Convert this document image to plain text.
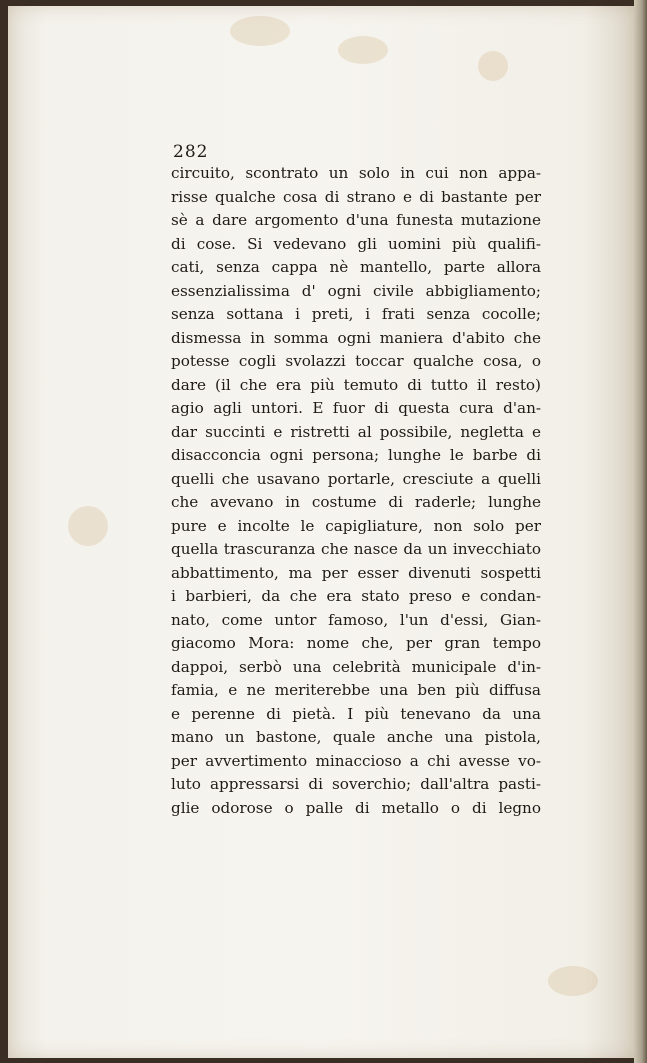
282
circuito, scontrato un solo in cui non appa-
risse qualche cosa di strano e di bastante per
sè a dare argomento d'una funesta mutazione
di cose. Si vedevano gli uomini più qualifi-
cati, senza cappa nè mantello, parte allora
essenzialissima d' ogni civile abbigliamento;
senza sottana i preti, i frati senza cocolle;
dismessa in somma ogni maniera d'abito che
potesse cogli svolazzi toccar qualche cosa, o
dare (il che era più temuto di tutto il resto)
agio agli untori. E fuor di questa cura d'an-
dar succinti e ristretti al possibile, negletta e
disacconcia ogni persona; lunghe le barbe di
quelli che usavano portarle, cresciute a quelli
che avevano in costume di raderle; lunghe
pure e incolte le capigliature, non solo per
quella trascuranza che nasce da un invecchiato
abbattimento, ma per esser divenuti sospetti
i barbieri, da che era stato preso e condan-
nato, come untor famoso, l'un d'essi, Gian-
giacomo Mora: nome che, per gran tempo
dappoi, serbò una celebrità municipale d'in-
famia, e ne meriterebbe una ben più diffusa
e perenne di pietà. I più tenevano da una
mano un bastone, quale anche una pistola,
per avvertimento minaccioso a chi avesse vo-
luto appressarsi di soverchio; dall'altra pasti-
glie odorose o palle di metallo o di legno
